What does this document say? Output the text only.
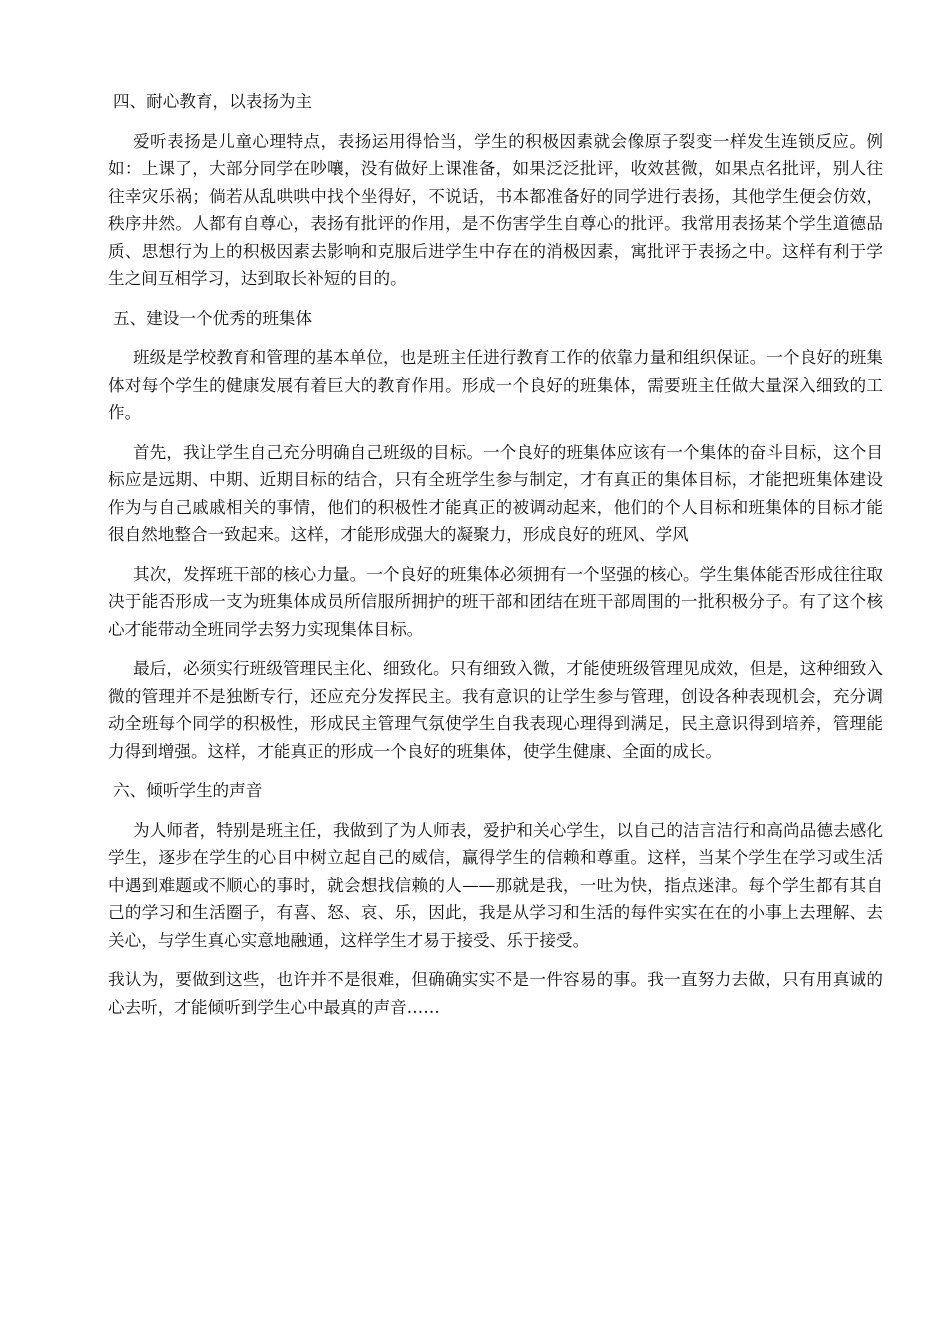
四、耐心教育，以表扬为主

爱听表扬是儿童心理特点，表扬运用得恰当，学生的积极因素就会像原子裂变一样发生连锁反应。例如：上课了，大部分同学在吵嚷，没有做好上课准备，如果泛泛批评，收效甚微，如果点名批评，别人往往幸灾乐祸；倘若从乱哄哄中找个坐得好，不说话，书本都准备好的同学进行表扬，其他学生便会仿效，秩序井然。人都有自尊心，表扬有批评的作用，是不伤害学生自尊心的批评。我常用表扬某个学生道德品质、思想行为上的积极因素去影响和克服后进学生中存在的消极因素，寓批评于表扬之中。这样有利于学生之间互相学习，达到取长补短的目的。

五、建设一个优秀的班集体

班级是学校教育和管理的基本单位，也是班主任进行教育工作的依靠力量和组织保证。一个良好的班集体对每个学生的健康发展有着巨大的教育作用。形成一个良好的班集体，需要班主任做大量深入细致的工作。

首先，我让学生自己充分明确自己班级的目标。一个良好的班集体应该有一个集体的奋斗目标，这个目标应是远期、中期、近期目标的结合，只有全班学生参与制定，才有真正的集体目标，才能把班集体建设作为与自己戚戚相关的事情，他们的积极性才能真正的被调动起来，他们的个人目标和班集体的目标才能很自然地整合一致起来。这样，才能形成强大的凝聚力，形成良好的班风、学风

其次，发挥班干部的核心力量。一个良好的班集体必须拥有一个坚强的核心。学生集体能否形成往往取决于能否形成一支为班集体成员所信服所拥护的班干部和团结在班干部周围的一批积极分子。有了这个核心才能带动全班同学去努力实现集体目标。

最后，必须实行班级管理民主化、细致化。只有细致入微，才能使班级管理见成效，但是，这种细致入微的管理并不是独断专行，还应充分发挥民主。我有意识的让学生参与管理，创设各种表现机会，充分调动全班每个同学的积极性，形成民主管理气氛使学生自我表现心理得到满足，民主意识得到培养，管理能力得到增强。这样，才能真正的形成一个良好的班集体，使学生健康、全面的成长。

六、倾听学生的声音

为人师者，特别是班主任，我做到了为人师表，爱护和关心学生，以自己的洁言洁行和高尚品德去感化学生，逐步在学生的心目中树立起自己的威信，赢得学生的信赖和尊重。这样，当某个学生在学习或生活中遇到难题或不顺心的事时，就会想找信赖的人——那就是我，一吐为快，指点迷津。每个学生都有其自己的学习和生活圈子，有喜、怒、哀、乐，因此，我是从学习和生活的每件实实在在的小事上去理解、去关心，与学生真心实意地融通，这样学生才易于接受、乐于接受。

我认为，要做到这些，也许并不是很难，但确确实实不是一件容易的事。我一直努力去做，只有用真诚的心去听，才能倾听到学生心中最真的声音……
